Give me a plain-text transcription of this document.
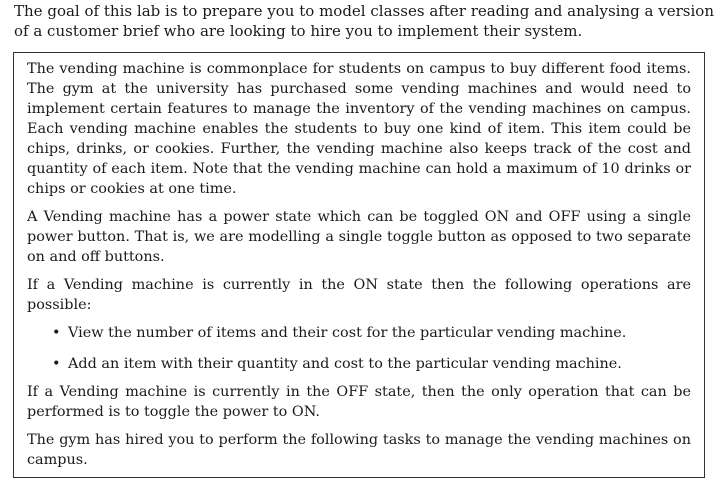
The goal of this lab is to prepare you to model classes after reading and analysing a version of a customer brief who are looking to hire you to implement their system.

The vending machine is commonplace for students on campus to buy different food items. The gym at the university has purchased some vending machines and would need to implement certain features to manage the inventory of the vending machines on campus. Each vending machine enables the students to buy one kind of item. This item could be chips, drinks, or cookies. Further, the vending machine also keeps track of the cost and quantity of each item. Note that the vending machine can hold a maximum of 10 drinks or chips or cookies at one time.

A Vending machine has a power state which can be toggled ON and OFF using a single power button. That is, we are modelling a single toggle button as opposed to two separate on and off buttons.

If a Vending machine is currently in the ON state then the following operations are possible:

• View the number of items and their cost for the particular vending machine.
• Add an item with their quantity and cost to the particular vending machine.

If a Vending machine is currently in the OFF state, then the only operation that can be performed is to toggle the power to ON.

The gym has hired you to perform the following tasks to manage the vending machines on campus.
